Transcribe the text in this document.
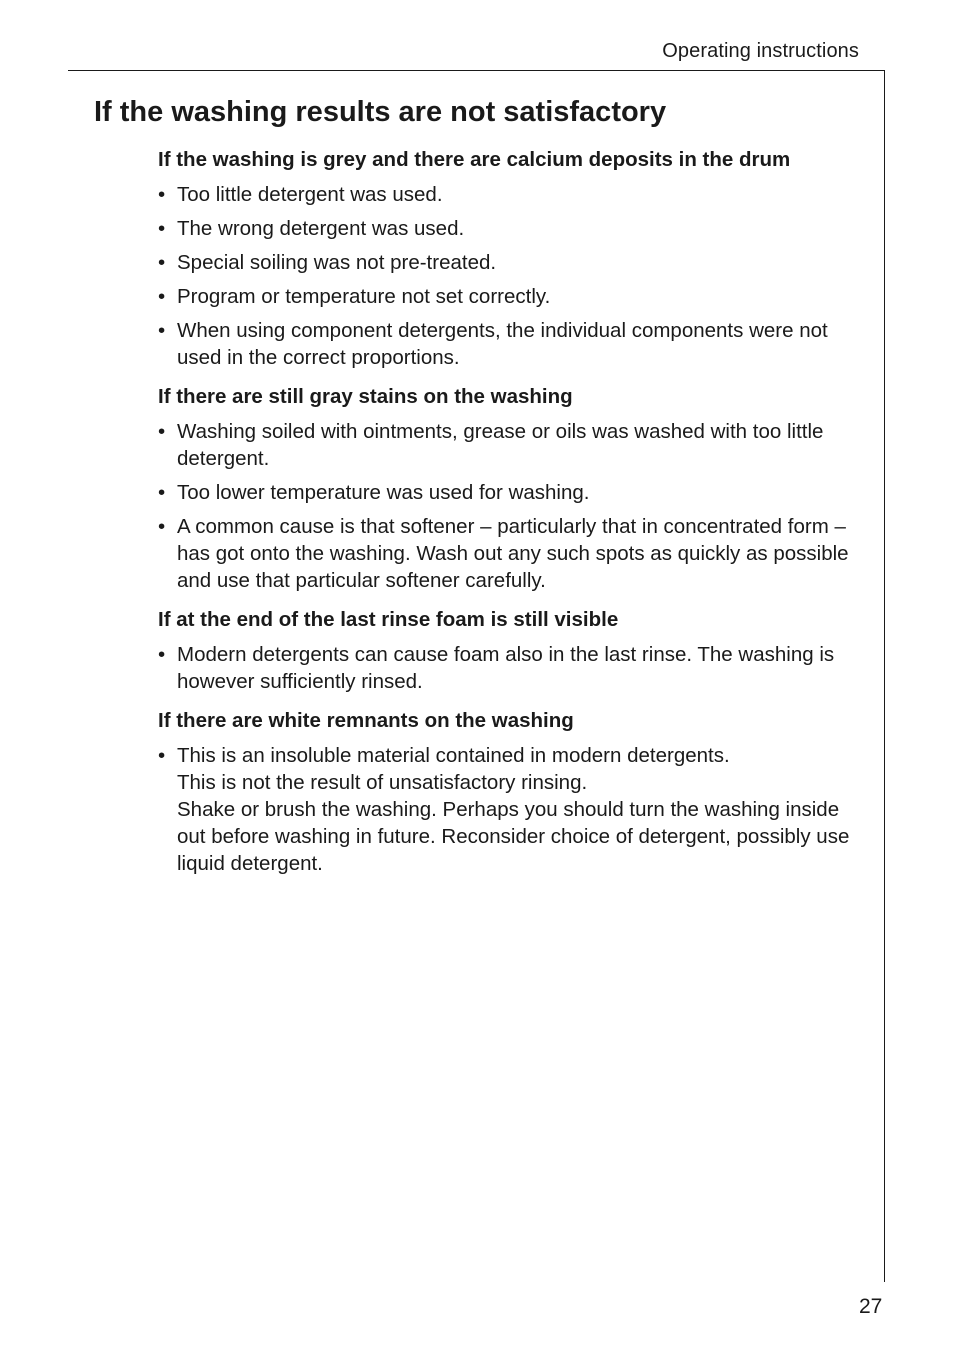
Operating instructions
If the washing results are not satisfactory
If the washing is grey and there are calcium deposits in the drum
• Too little detergent was used.
• The wrong detergent was used.
• Special soiling was not pre-treated.
• Program or temperature not set correctly.
• When using component detergents, the individual components were not used in the correct proportions.
If there are still gray stains on the washing
• Washing soiled with ointments, grease or oils was washed with too little detergent.
• Too lower temperature was used for washing.
• A common cause is that softener – particularly that in concentrated form – has got onto the washing. Wash out any such spots as quickly as possible and use that particular softener carefully.
If at the end of the last rinse foam is still visible
• Modern detergents can cause foam also in the last rinse. The washing is however sufficiently rinsed.
If there are white remnants on the washing
• This is an insoluble material contained in modern detergents.
This is not the result of unsatisfactory rinsing.
Shake or brush the washing. Perhaps you should turn the washing inside out before washing in future. Reconsider choice of detergent, possibly use liquid detergent.
27
